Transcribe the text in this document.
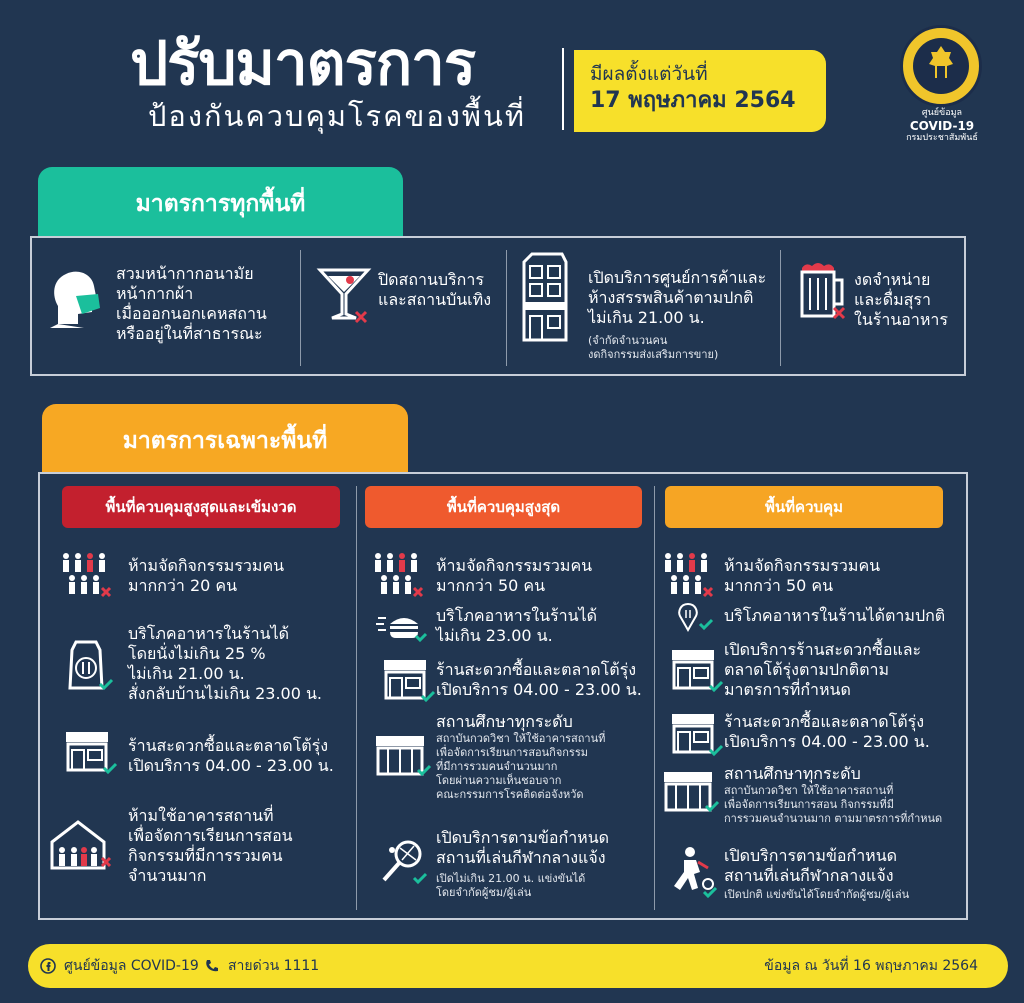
ปรับมาตรการ
ป้องกันควบคุมโรคของพื้นที่
มีผลตั้งแต่วันที่
17 พฤษภาคม 2564	ศูนย์ข้อมูล
COVID-19
กรมประชาสัมพันธ์
มาตรการทุกพื้นที่
สวมหน้ากากอนามัย
หน้ากากผ้า
เมื่อออกนอกเคหสถาน
หรืออยู่ในที่สาธารณะ
ปิดสถานบริการ
และสถานบันเทิง
เปิดบริการศูนย์การค้าและ
ห้างสรรพสินค้าตามปกติ
ไม่เกิน 21.00 น.
(จำกัดจำนวนคน
งดกิจกรรมส่งเสริมการขาย)
งดจำหน่าย
และดื่มสุรา
ในร้านอาหาร
มาตรการเฉพาะพื้นที่
พื้นที่ควบคุมสูงสุดและเข้มงวด
ห้ามจัดกิจกรรมรวมคน
มากกว่า 20 คน
บริโภคอาหารในร้านได้
โดยนั่งไม่เกิน 25 %
ไม่เกิน 21.00 น.
สั่งกลับบ้านไม่เกิน 23.00 น.
ร้านสะดวกซื้อและตลาดโต้รุ่ง
เปิดบริการ 04.00 - 23.00 น.
ห้ามใช้อาคารสถานที่
เพื่อจัดการเรียนการสอน
กิจกรรมที่มีการรวมคน
จำนวนมาก
พื้นที่ควบคุมสูงสุด
ห้ามจัดกิจกรรมรวมคน
มากกว่า 50 คน
บริโภคอาหารในร้านได้
ไม่เกิน 23.00 น.
ร้านสะดวกซื้อและตลาดโต้รุ่ง
เปิดบริการ 04.00 - 23.00 น.
สถานศึกษาทุกระดับ
สถาบันกวดวิชา ให้ใช้อาคารสถานที่
เพื่อจัดการเรียนการสอนกิจกรรม
ที่มีการรวมคนจำนวนมาก
โดยผ่านความเห็นชอบจาก
คณะกรรมการโรคติดต่อจังหวัด
เปิดบริการตามข้อกำหนด
สถานที่เล่นกีฬากลางแจ้ง
เปิดไม่เกิน 21.00 น. แข่งขันได้
โดยจำกัดผู้ชม/ผู้เล่น
พื้นที่ควบคุม
ห้ามจัดกิจกรรมรวมคน
มากกว่า 50 คน
บริโภคอาหารในร้านได้ตามปกติ
เปิดบริการร้านสะดวกซื้อและ
ตลาดโต้รุ่งตามปกติตาม
มาตรการที่กำหนด
ร้านสะดวกซื้อและตลาดโต้รุ่ง
เปิดบริการ 04.00 - 23.00 น.
สถานศึกษาทุกระดับ
สถาบันกวดวิชา ให้ใช้อาคารสถานที่
เพื่อจัดการเรียนการสอน กิจกรรมที่มี
การรวมคนจำนวนมาก ตามมาตรการที่กำหนด
เปิดบริการตามข้อกำหนด
สถานที่เล่นกีฬากลางแจ้ง
เปิดปกติ แข่งขันได้โดยจำกัดผู้ชม/ผู้เล่น
ศูนย์ข้อมูล COVID-19 สายด่วน 1111	ข้อมูล ณ วันที่ 16 พฤษภาคม 2564
